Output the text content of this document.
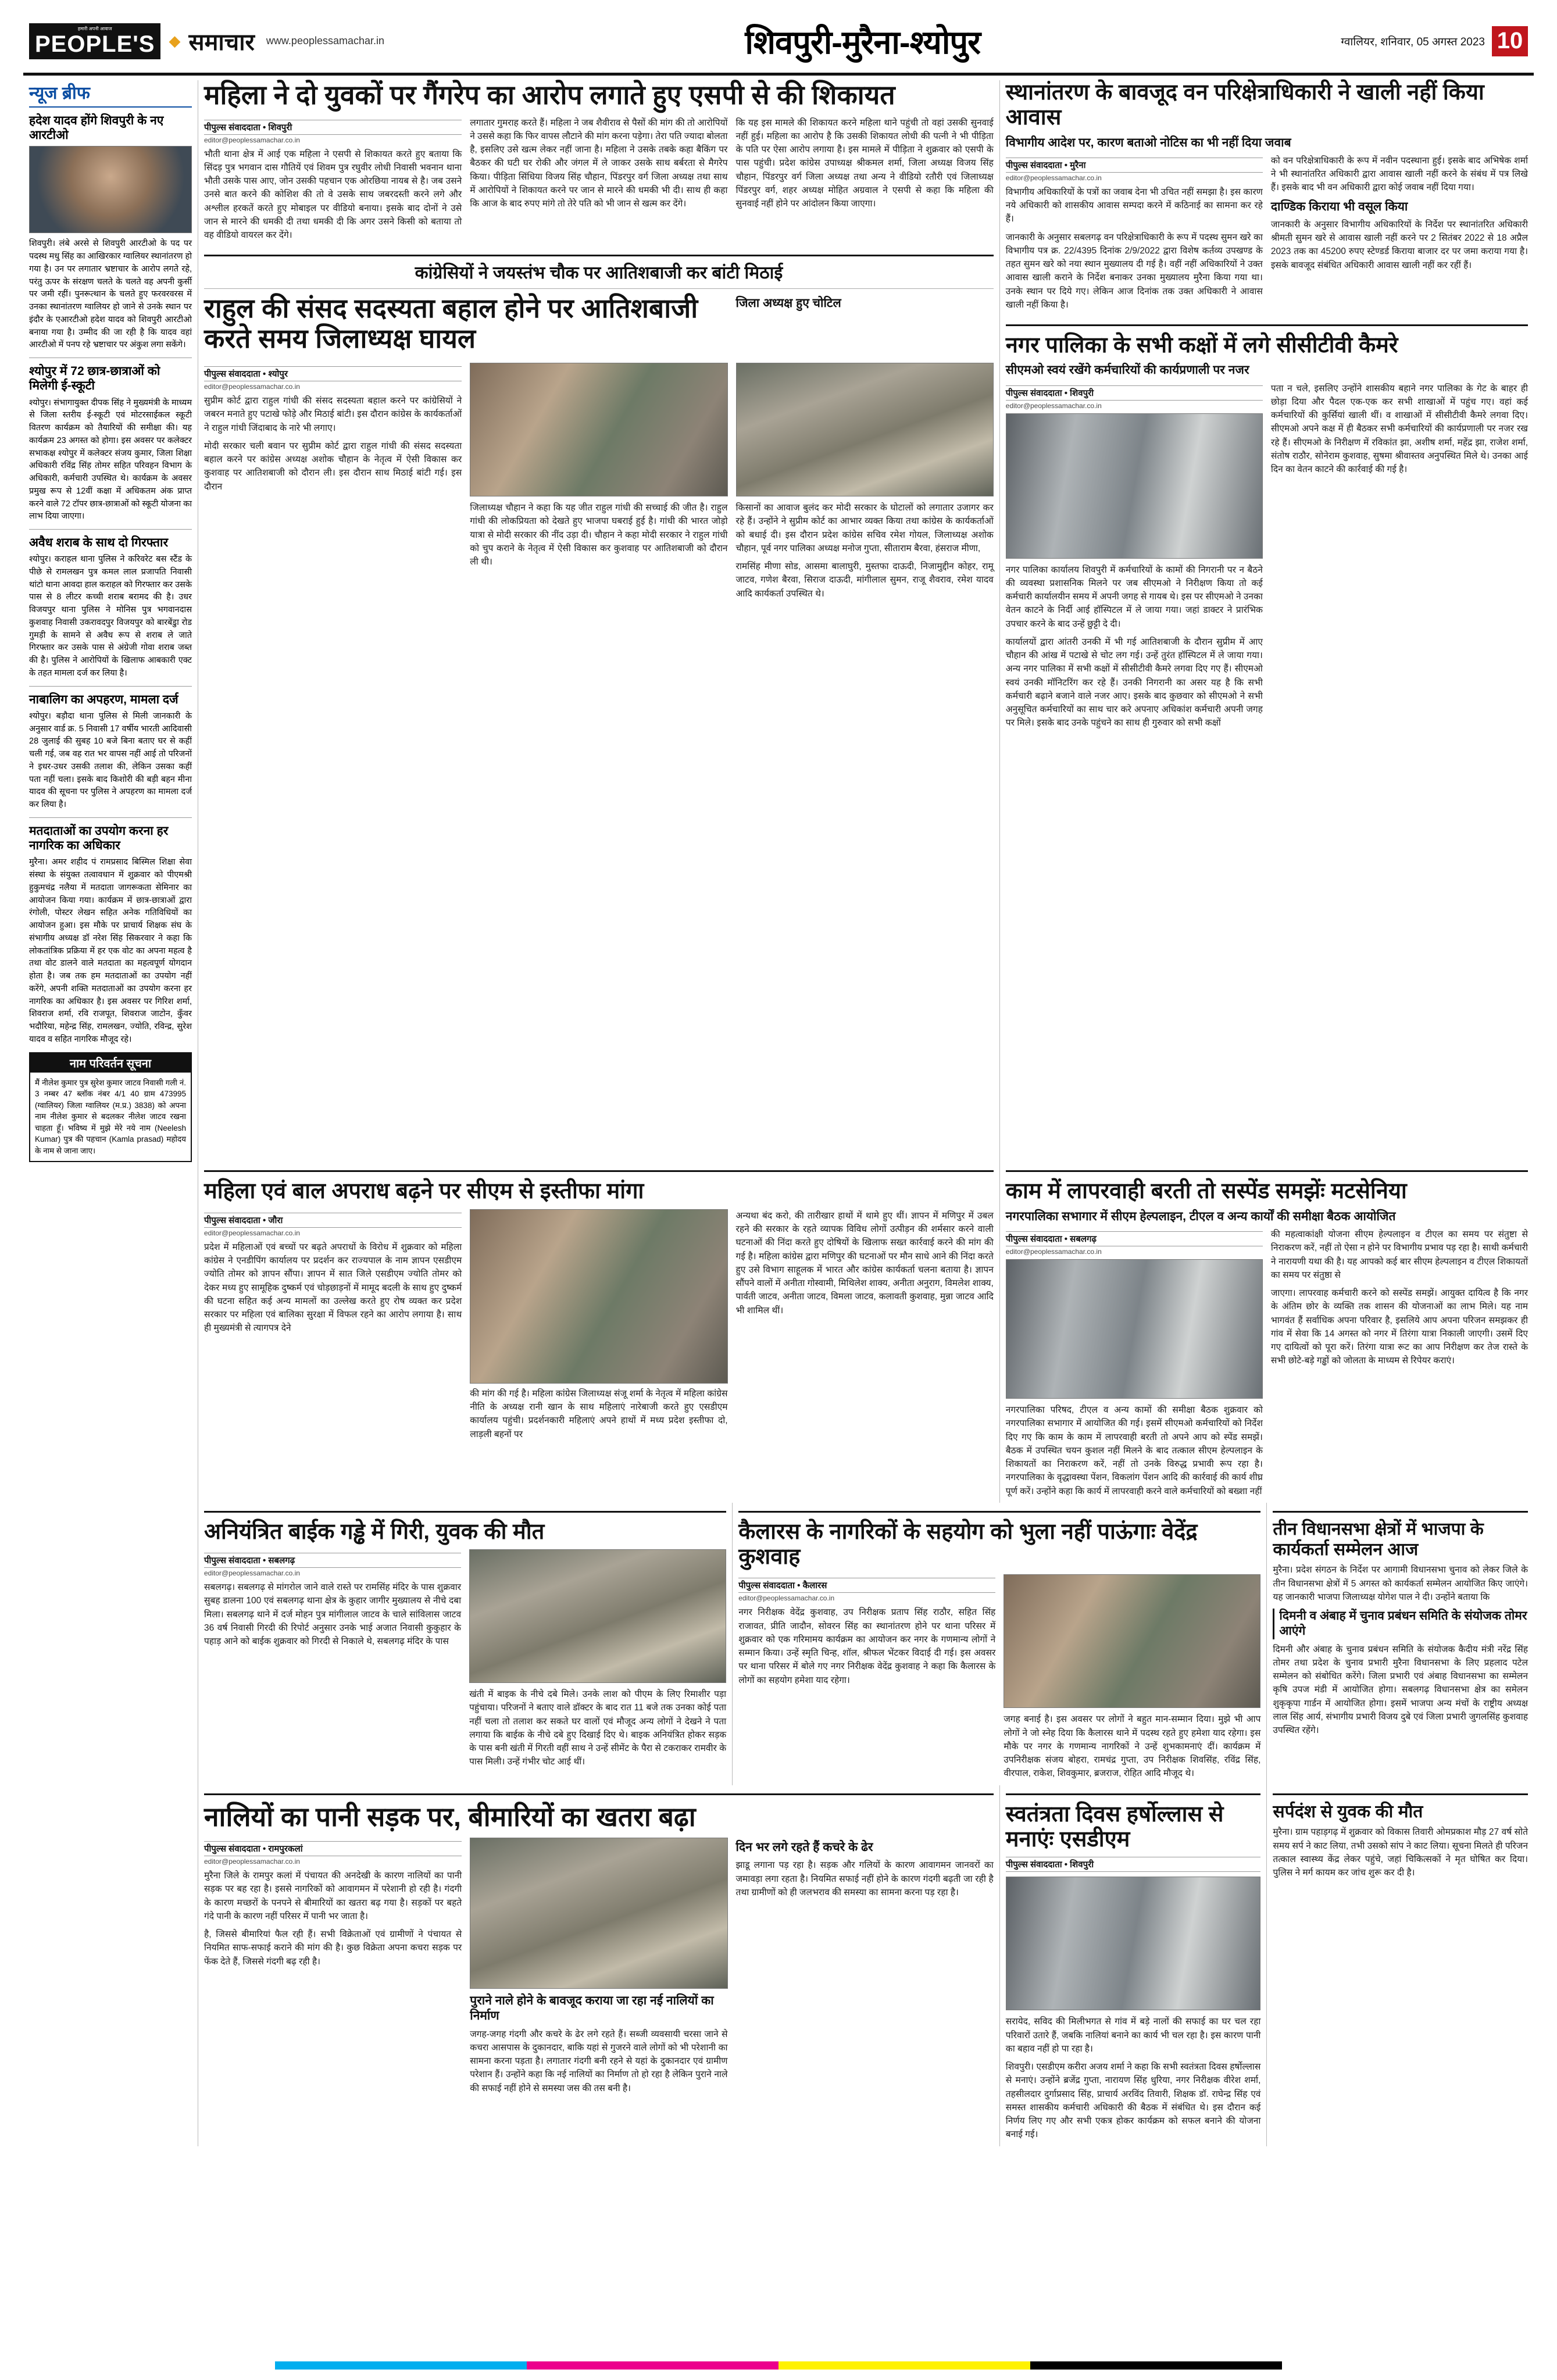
हमारी अपनी आवाज
PEOPLE'S ◆ समाचार www.peoplessamachar.in	शिवपुरी-मुरैना-श्योपुर	ग्वालियर, शनिवार, 05 अगस्त 2023 10
न्यूज ब्रीफ
हदेश यादव होंगे शिवपुरी के नए आरटीओ

शिवपुरी। लंबे अरसे से शिवपुरी आरटीओ के पद पर पदस्थ मधु सिंह का आखिरकार ग्वालियर स्थानांतरण हो गया है। उन पर लगातार भ्रष्टाचार के आरोप लगते रहे, परंतु ऊपर के संरक्षण चलते के चलते वह अपनी कुर्सी पर जमी रहीं। पुनरूत्थान के चलते हुए फरवरवरस में उनका स्थानांतरण ग्वालियर हो जाने से उनके स्थान पर इंदौर के एआरटीओ हदेश यादव को शिवपुरी आरटीओ बनाया गया है। उम्मीद की जा रही है कि यादव वहां आरटीओ में पनप रहे भ्रष्टाचार पर अंकुश लगा सकेंगे।

श्योपुर में 72 छात्र-छात्राओं को मिलेगी ई-स्कूटी

श्योपुर। संभागायुक्त दीपक सिंह ने मुख्यमंत्री के माध्यम से जिला स्तरीय ई-स्कूटी एवं मोटरसाईकल स्कूटी वितरण कार्यक्रम को तैयारियों की समीक्षा की। यह कार्यक्रम 23 अगस्त को होगा। इस अवसर पर कलेक्टर सभाकक्ष श्योपुर में कलेक्टर संजय कुमार, जिला शिक्षा अधिकारी रविंद्र सिंह तोमर सहित परिवहन विभाग के अधिकारी, कर्मचारी उपस्थित थे। कार्यक्रम के अवसर प्रमुख रूप से 12वीं कक्षा में अधिकतम अंक प्राप्त करने वाले 72 टॉपर छात्र-छात्राओं को स्कूटी योजना का लाभ दिया जाएगा।

अवैध शराब के साथ दो गिरफ्तार

श्योपुर। कराहल थाना पुलिस ने करिवरेट बस स्टैंड के पीछे से रामलखन पुत्र कमल लाल प्रजापति निवासी थांटो थाना आवदा हाल कराहल को गिरफ्तार कर उसके पास से 8 लीटर कच्ची शराब बरामद की है। उधर विजयपुर थाना पुलिस ने मोनिस पुत्र भगवानदास कुशवाह निवासी उकरावदपुर विजयपुर को बारबेंडुा रोड गुमड़ी के सामने से अवैध रूप से शराब ले जाते गिरफ्तार कर उसके पास से अंग्रेजी गोवा शराब जब्त की है। पुलिस ने आरोपियों के खिलाफ आबकारी एक्ट के तहत मामला दर्ज कर लिया है।

नाबालिग का अपहरण, मामला दर्ज

श्योपुर। बड़ौदा थाना पुलिस से मिली जानकारी के अनुसार वार्ड क्र. 5 निवासी 17 वर्षीय भारती आदिवासी 28 जुलाई की सुबह 10 बजे बिना बताए घर से कहीं चली गई, जब वह रात भर वापस नहीं आई तो परिजनों ने इधर-उधर उसकी तलाश की, लेकिन उसका कहीं पता नहीं चला। इसके बाद किशोरी की बड़ी बहन मीना यादव की सूचना पर पुलिस ने अपहरण का मामला दर्ज कर लिया है।

मतदाताओं का उपयोग करना हर नागरिक का अधिकार

मुरैना। अमर शहीद पं रामप्रसाद बिस्मिल शिक्षा सेवा संस्था के संयुक्त तत्वावधान में शुक्रवार को पीएमश्री हुकुमचंद्र नलैया में मतदाता जागरूकता सेमिनार का आयोजन किया गया। कार्यक्रम में छात्र-छात्राओं द्वारा रंगोली, पोस्टर लेखन सहित अनेक गतिविधियों का आयोजन हुआ। इस मौके पर प्राचार्य शिक्षक संघ के संभागीय अध्यक्ष डॉ नरेश सिंह सिकरवार ने कहा कि लोकतांत्रिक प्रक्रिया में हर एक वोट का अपना महत्व है तथा वोट डालने वाले मतदाता का महत्वपूर्ण योगदान होता है। जब तक हम मतदाताओं का उपयोग नहीं करेंगे, अपनी शक्ति मतदाताओं का उपयोग करना हर नागरिक का अधिकार है। इस अवसर पर गिरिश शर्मा, शिवराज शर्मा, रवि राजपूत, शिवराज जाटोन, कुँवर भदौरिया, महेन्द्र सिंह, रामलखन, ज्योति, रविन्द्र, सुरेश यादव व सहित नागरिक मौजूद रहे।

नाम परिवर्तन सूचना

मैं नीलेश कुमार पुत्र सुरेश कुमार जाटव निवासी गली नं. 3 नम्बर 47 ब्लॉक नंबर 4/1 40 ग्राम 473995 (ग्वालियर) जिला ग्वालियर (म.प्र.) 3838) को अपना नाम नीलेश कुमार से बदलकर नीलेश जाटव रखना चाहता हूँ। भविष्य में मुझे मेरे नये नाम (Neelesh Kumar) पुत्र की पहचान (Kamla prasad) महोदय के नाम से जाना जाए।

महिला ने दो युवकों पर गैंगरेप का आरोप लगाते हुए एसपी से की शिकायत
पीपुल्स संवाददाता • शिवपुरी
editor@peoplessamachar.co.in

भौती थाना क्षेत्र में आई एक महिला ने एसपी से शिकायत करते हुए बताया कि सिंदड़ पुत्र भगवान दास गौतियें एवं शिवम पुत्र रघुवीर लोधी निवासी भवनान थाना भौती उसके पास आए, जोन उसकी पहचान एक ओरछिया नायब से है। जब उसने उनसे बात करने की कोशिश की तो वे उसके साथ जबरदस्ती करने लगे और अश्लील हरकतें करते हुए मोबाइल पर वीडियो बनाया। इसके बाद दोनों ने उसे जान से मारने की धमकी दी तथा धमकी दी कि अगर उसने किसी को बताया तो वह वीडियो वायरल कर देंगे।

लगातार गुमराह करते हैं। महिला ने जब शैवीराव से पैसों की मांग की तो आरोपियों ने उससे कहा कि फिर वापस लौटाने की मांग करना पड़ेगा। तेरा पति ज्यादा बोलता है, इसलिए उसे खत्म लेकर नहीं जाना है। महिला ने उसके तबके कहा बैकिंग पर बैठकर की घटी घर रोकी और जंगल में ले जाकर उसके साथ बर्बरता से मैगरेप किया। पीड़िता सिंधिया विजय सिंह चौहान, पिंडरपुर वर्ग जिला अध्यक्ष तथा साथ में आरोपियों ने शिकायत करने पर जान से मारने की धमकी भी दी। साथ ही कहा कि आज के बाद रुपए मांगे तो तेरे पति को भी जान से खत्म कर देंगे।

कि यह इस मामले की शिकायत करने महिला थाने पहुंची तो वहां उसकी सुनवाई नहीं हुई। महिला का आरोप है कि उसकी शिकायत लोधी की पत्नी ने भी पीड़िता के पति पर ऐसा आरोप लगाया है। इस मामले में पीड़िता ने शुक्रवार को एसपी के पास पहुंची। प्रदेश कांग्रेस उपाध्यक्ष श्रीकमल शर्मा, जिला अध्यक्ष विजय सिंह चौहान, पिंडरपुर वर्ग जिला अध्यक्ष तथा अन्य ने वीडियो रतौरी एवं जिलाध्यक्ष पिंडरपुर वर्ग, शहर अध्यक्ष मोहित अग्रवाल ने एसपी से कहा कि महिला की सुनवाई नहीं होने पर आंदोलन किया जाएगा।

कांग्रेसियों ने जयस्तंभ चौक पर आतिशबाजी कर बांटी मिठाई
राहुल की संसद सदस्यता बहाल होने पर आतिशबाजी करते समय जिलाध्यक्ष घायल
जिला अध्यक्ष हुए चोटिल
पीपुल्स संवाददाता • श्योपुर
editor@peoplessamachar.co.in

सुप्रीम कोर्ट द्वारा राहुल गांधी की संसद सदस्यता बहाल करने पर कांग्रेसियों ने जबरन मनाते हुए पटाखे फोड़े और मिठाई बांटी। इस दौरान कांग्रेस के कार्यकर्ताओं ने राहुल गांधी जिंदाबाद के नारे भी लगाए।

मोदी सरकार चली बवान पर सुप्रीम कोर्ट द्वारा राहुल गांधी की संसद सदस्यता बहाल करने पर कांग्रेस अध्यक्ष अशोक चौहान के नेतृत्व में ऐसी विकास कर कुशवाह पर आतिशबाजी को दौरान ली। इस दौरान साथ मिठाई बांटी गई। इस दौरान

जिलाध्यक्ष चौहान ने कहा कि यह जीत राहुल गांधी की सच्चाई की जीत है। राहुल गांधी की लोकप्रियता को देखते हुए भाजपा घबराई हुई है। गांधी की भारत जोड़ो यात्रा से मोदी सरकार की नींद उड़ा दी। चौहान ने कहा मोदी सरकार ने राहुल गांधी को चुप कराने के नेतृत्व में ऐसी विकास कर कुशवाह पर आतिशबाजी को दौरान ली थी।

किसानों का आवाज बुलंद कर मोदी सरकार के घोटालों को लगातार उजागर कर रहे हैं। उन्होंने ने सुप्रीम कोर्ट का आभार व्यक्त किया तथा कांग्रेस के कार्यकर्ताओं को बधाई दी। इस दौरान प्रदेश कांग्रेस सचिव रमेश गोयल, जिलाध्यक्ष अशोक चौहान, पूर्व नगर पालिका अध्यक्ष मनोज गुप्ता, सीताराम बैरवा, हंसराज मीणा,

रामसिंह मीणा सोड, आसमा बालाघुरी, मुस्तफा दाऊदी, निजामुद्दीन कोहर, रामू जाटव, गणेश बैरवा, सिराज दाऊदी, मांगीलाल सुमन, राजू शैवराव, रमेश यादव आदि कार्यकर्ता उपस्थित थे।

स्थानांतरण के बावजूद वन परिक्षेत्राधिकारी ने खाली नहीं किया आवास
विभागीय आदेश पर, कारण बताओ नोटिस का भी नहीं दिया जवाब
पीपुल्स संवाददाता • मुरैना
editor@peoplessamachar.co.in

विभागीय अधिकारियों के पत्रों का जवाब देना भी उचित नहीं समझा है। इस कारण नये अधिकारी को शासकीय आवास सम्पदा करने में कठिनाई का सामना कर रहे हैं।

जानकारी के अनुसार सबलगढ़ वन परिक्षेत्राधिकारी के रूप में पदस्थ सुमन खरे का विभागीय पत्र क्र. 22/4395 दिनांक 2/9/2022 द्वारा विशेष कर्तव्य उपखण्ड के तहत सुमन खरे को नया स्थान मुख्यालय दी गई है। वहीं नहीं अधिकारियों ने उक्त आवास खाली कराने के निर्देश बनाकर उनका मुख्यालय मुरैना किया गया था। उनके स्थान पर दिये गए। लेकिन आज दिनांक तक उक्त अधिकारी ने आवास खाली नहीं किया है।

को वन परिक्षेत्राधिकारी के रूप में नवीन पदस्थाना हुई। इसके बाद अभिषेक शर्मा ने भी स्थानांतरित अधिकारी द्वारा आवास खाली नहीं करने के संबंध में पत्र लिखे हैं। इसके बाद भी वन अधिकारी द्वारा कोई जवाब नहीं दिया गया।

दाण्डिक किराया भी वसूल किया

जानकारी के अनुसार विभागीय अधिकारियों के निर्देश पर स्थानांतरित अधिकारी श्रीमती सुमन खरे से आवास खाली नहीं करने पर 2 सितंबर 2022 से 18 अप्रैल 2023 तक का 45200 रुपए स्टेण्डर्ड किराया बाजार दर पर जमा कराया गया है। इसके बावजूद संबंधित अधिकारी आवास खाली नहीं कर रहीं हैं।

नगर पालिका के सभी कक्षों में लगे सीसीटीवी कैमरे
सीएमओ स्वयं रखेंगे कर्मचारियों की कार्यप्रणाली पर नजर
पीपुल्स संवाददाता • शिवपुरी
editor@peoplessamachar.co.in

नगर पालिका कार्यालय शिवपुरी में कर्मचारियों के कामों की निगरानी पर न बैठने की व्यवस्था प्रशासनिक मिलने पर जब सीएमओ ने निरीक्षण किया तो कई कर्मचारी कार्यालयीन समय में अपनी जगह से गायब थे। इस पर सीएमओ ने उनका वेतन काटने के निर्दी आई हॉस्पिटल में ले जाया गया। जहां डाक्टर ने प्रारंभिक उपचार करने के बाद उन्हें छुट्टी दे दी।

कार्यालयों द्वारा आंतरी उनकी में भी गई आतिशबाजी के दौरान सुप्रीम में आए चौहान की आंख में पटाखे से चोट लग गई। उन्हें तुरंत हॉस्पिटल में ले जाया गया। अन्य नगर पालिका में सभी कक्षों में सीसीटीवी कैमरे लगवा दिए गए हैं। सीएमओ स्वयं उनकी मॉनिटरिंग कर रहे हैं। उनकी निगरानी का असर यह है कि सभी कर्मचारी बढ़ाने बजाने वाले नजर आए। इसके बाद कुछवार को सीएमओ ने सभी अनुसूचित कर्मचारियों का साथ चार करे अपनाए अधिकांश कर्मचारी अपनी जगह पर मिले। इसके बाद उनके पहुंचने का साथ ही गुरुवार को सभी कक्षों

पता न चले, इसलिए उन्होंने शासकीय बहाने नगर पालिका के गेट के बाहर ही छोड़ा दिया और पैदल एक-एक कर सभी शाखाओं में पहुंच गए। वहां कई कर्मचारियों की कुर्सियां खाली थीं। व शाखाओं में सीसीटीवी कैमरे लगवा दिए। सीएमओ अपने कक्ष में ही बैठकर सभी कर्मचारियों की कार्यप्रणाली पर नजर रख रहे हैं। सीएमओ के निरीक्षण में रविकांत झा, अशीष शर्मा, महेंद्र झा, राजेश शर्मा, संतोष राठौर, सोनेराम कुशवाह, सुषमा श्रीवास्तव अनुपस्थित मिले थे। उनका आई दिन का वेतन काटने की कार्रवाई की गई है।

महिला एवं बाल अपराध बढ़ने पर सीएम से इस्तीफा मांगा
पीपुल्स संवाददाता • जौरा
editor@peoplessamachar.co.in

प्रदेश में महिलाओं एवं बच्चों पर बढ़ते अपराधों के विरोध में शुक्रवार को महिला कांग्रेस ने एनडीपिंग कार्यालय पर प्रदर्शन कर राज्यपाल के नाम ज्ञापन एसडीएम ज्योति तोमर को ज्ञापन सौंपा। ज्ञापन में सात जिले एसडीएम ज्योति तोमर को देकर मध्य हुए सामूहिक दुष्कर्म एवं चोड़छाड़नों में मामूद बदली के साथ हुए दुष्कर्म की घटना सहित कई अन्य मामलों का उल्लेख करते हुए रोष व्यक्त कर प्रदेश सरकार पर महिला एवं बालिका सुरक्षा में विफल रहने का आरोप लगाया है। साथ ही मुख्यमंत्री से त्यागपत्र देने

की मांग की गई है। महिला कांग्रेस जिलाध्यक्ष संजू शर्मा के नेतृत्व में महिला कांग्रेस नीति के अध्यक्ष रानी खान के साथ महिलाएं नारेबाजी करते हुए एसडीएम कार्यालय पहुंची। प्रदर्शनकारी महिलाएं अपने हाथों में मध्य प्रदेश इस्तीफा दो, लाड़ली बहनों पर

अन्यथा बंद करो, की तारीखार हाथों में थामे हुए थीं। ज्ञापन में मणिपुर में उबल रहने की सरकार के रहते व्यापक विविध लोगों उत्पीड़न की शर्मसार करने वाली घटनाओं की निंदा करते हुए दोषियों के खिलाफ सख्त कार्रवाई करने की मांग की गई है। महिला कांग्रेस द्वारा मणिपुर की घटनाओं पर मौन साधे आने की निंदा करते हुए उसे विभाग साहूलक में भारत और कांग्रेस कार्यकर्ता चलना बताया है। ज्ञापन सौंपने वालों में अनीता गोस्वामी, मिथिलेश शाक्य, अनीता अनुराग, विमलेश शाक्य, पार्वती जाटव, अनीता जाटव, विमला जाटव, कलावती कुशवाह, मुन्ना जाटव आदि भी शामिल थीं।

काम में लापरवाही बरती तो सस्पेंड समझेंः मटसेनिया
नगरपालिका सभागार में सीएम हेल्पलाइन, टीएल व अन्य कार्यों की समीक्षा बैठक आयोजित
पीपुल्स संवाददाता • सबलगढ़
editor@peoplessamachar.co.in

नगरपालिका परिषद, टीएल व अन्य कामों की समीक्षा बैठक शुक्रवार को नगरपालिका सभागार में आयोजित की गई। इसमें सीएमओ कर्मचारियों को निर्देश दिए गए कि काम के काम में लापरवाही बरती तो अपने आप को स्पेंड समझें। बैठक में उपस्थित चयन कुशल नहीं मिलने के बाद तत्काल सीएम हेल्पलाइन के शिकायतों का निराकरण करें, नहीं तो उनके विरुद्ध प्रभावी रूप रहा है। नगरपालिका के वृद्धावस्था पेंशन, विकलांग पेंशन आदि की कार्रवाई की कार्य शीघ्र पूर्ण करें। उन्होंने कहा कि कार्य में लापरवाही करने वाले कर्मचारियों को बख्शा नहीं

की महत्वाकांक्षी योजना सीएम हेल्पलाइन व टीएल का समय पर संतुष्टा से निराकरण करें, नहीं तो ऐसा न होने पर विभागीय प्रभाव पड़ रहा है। साथी कर्मचारी ने नारायणी यथा की है। यह आपको कई बार सीएम हेल्पलाइन व टीएल शिकायतों का समय पर संतुष्ठा से

जाएगा। लापरवाह कर्मचारी करने को सस्पेंड समझें। आयुक्त दायित्व है कि नगर के अंतिम छोर के व्यक्ति तक शासन की योजनाओं का लाभ मिले। यह नाम भागवंत हैं सर्वाधिक अपना परिवार है, इसलिये आप अपना परिजन समझकर ही गांव में सेवा कि 14 अगस्त को नगर में तिरंगा यात्रा निकाली जाएगी। उसमें दिए गए दायित्वों को पूरा करें। तिरंगा यात्रा रूट का आप निरीक्षण कर तेज रास्ते के सभी छोटे-बड़े गड्ढों को जोलता के माध्यम से रिपेयर कराएं।

अनियंत्रित बाईक गड्ढे में गिरी, युवक की मौत
पीपुल्स संवाददाता • सबलगढ़
editor@peoplessamachar.co.in

सबलगढ़। सबलगढ़ से मांगरोल जाने वाले रास्ते पर रामसिंह मंदिर के पास शुक्रवार सुबह डालना 100 एवं सबलगढ़ थाना क्षेत्र के कुहार जागीर मुख्यालय से नीचे दबा मिला। सबलगढ़ थाने में दर्ज मोहन पुत्र मांगीलाल जाटव के चाले सांविलास जाटव 36 वर्ष निवासी गिरदी की रिपोर्ट अनुसार उनके भाई अजात निवासी कुकुहार के पहाड़ आने को बाईक शुक्रवार को गिरदी से निकाले थे, सबलगढ़ मंदिर के पास

खंती में बाइक के नीचे दबे मिले। उनके लाश को पीएम के लिए रिमाशीर पड़ा पहुंचाया। परिजनों ने बताए वाले डॉक्टर के बाद रात 11 बजे तक उनका कोई पता नहीं चला तो तलाश कर सकते घर वालों एवं मौजूद अन्य लोगों ने देखने ने पता लगाया कि बाईक के नीचे दबे हुए दिखाई दिए थे। बाइक अनियंत्रित होकर सड़क के पास बनी खंती में गिरती वहीं साथ ने उन्हें सीमेंट के पैरा से टकराकर रामवीर के पास मिली। उन्हें गंभीर चोट आई थीं।

कैलारस के नागरिकों के सहयोग को भुला नहीं पाऊंगाः वेदेंद्र कुशवाह
पीपुल्स संवाददाता • कैलारस
editor@peoplessamachar.co.in

नगर निरीक्षक वेदेंद्र कुशवाह, उप निरीक्षक प्रताप सिंह राठौर, सहित सिंह राजावत, प्रीति जादौन, सोवरन सिंह का स्थानांतरण होने पर थाना परिसर में शुक्रवार को एक गरिमामय कार्यक्रम का आयोजन कर नगर के गणमान्य लोगों ने सम्मान किया। उन्हें स्मृति चिन्ह, शॉल, श्रीफल भेंटकर विदाई दी गई। इस अवसर पर थाना परिसर में बोले गए नगर निरीक्षक वेदेंद्र कुशवाह ने कहा कि कैलारस के लोगों का सहयोग हमेशा याद रहेगा।

जगह बनाई है। इस अवसर पर लोगों ने बहुत मान-सम्मान दिया। मुझे भी आप लोगों ने जो स्नेह दिया कि कैलारस थाने में पदस्थ रहते हुए हमेशा याद रहेगा। इस मौके पर नगर के गणमान्य नागरिकों ने उन्हें शुभकामनाएं दीं। कार्यक्रम में उपनिरीक्षक संजय बोहरा, रामचंद्र गुप्ता, उप निरीक्षक शिवसिंह, रविंद्र सिंह, वीरपाल, राकेश, शिवकुमार, ब्रजराज, रोहित आदि मौजूद थे।

तीन विधानसभा क्षेत्रों में भाजपा के कार्यकर्ता सम्मेलन आज

मुरैना। प्रदेश संगठन के निर्देश पर आगामी विधानसभा चुनाव को लेकर जिले के तीन विधानसभा क्षेत्रों में 5 अगस्त को कार्यकर्ता सम्मेलन आयोजित किए जाएंगे। यह जानकारी भाजपा जिलाध्यक्ष योगेश पाल ने दी। उन्होंने बताया कि

दिमनी व अंबाह में चुनाव प्रबंधन समिति के संयोजक तोमर आएंगे

दिमनी और अंबाह के चुनाव प्रबंधन समिति के संयोजक कैदीय मंत्री नरेंद्र सिंह तोमर तथा प्रदेश के चुनाव प्रभारी मुरैना विधानसभा के लिए प्रहलाद पटेल सम्मेलन को संबोधित करेंगे। जिला प्रभारी एवं अंबाह विधानसभा का सम्मेलन कृषि उपज मंडी में आयोजित होगा। सबलगढ़ विधानसभा क्षेत्र का समेलन शुकृकृपा गार्डन में आयोजित होगा। इसमें भाजपा अन्य मंचों के राष्ट्रीय अध्यक्ष लाल सिंह आर्य, संभागीय प्रभारी विजय दुबे एवं जिला प्रभारी जुगलसिंह कुशवाह उपस्थित रहेंगे।

नालियों का पानी सड़क पर, बीमारियों का खतरा बढ़ा
पीपुल्स संवाददाता • रामपुरकलां
editor@peoplessamachar.co.in

मुरैना जिले के रामपुर कलां में पंचायत की अनदेखी के कारण नालियों का पानी सड़क पर बह रहा है। इससे नागरिकों को आवागमन में परेशानी हो रही है। गंदगी के कारण मच्छरों के पनपने से बीमारियों का खतरा बढ़ गया है। सड़कों पर बहते गंदे पानी के कारण नहीं परिसर में पानी भर जाता है।

है, जिससे बीमारियां फैल रही हैं। सभी विक्रेताओं एवं ग्रामीणों ने पंचायत से नियमित साफ-सफाई कराने की मांग की है। कुछ विक्रेता अपना कचरा सड़क पर फेंक देते हैं, जिससे गंदगी बढ़ रही है।

पुराने नाले होने के बावजूद कराया जा रहा नई नालियों का निर्माण

जगह-जगह गंदगी और कचरे के ढेर लगे रहते हैं। सब्जी व्यवसायी चरसा जाने से कचरा आसपास के दुकानदार, बाकि यहां से गुजरने वाले लोगों को भी परेशानी का सामना करना पड़ता है। लगातार गंदगी बनी रहने से यहां के दुकानदार एवं ग्रामीण परेशान हैं। उन्होंने कहा कि नई नालियों का निर्माण तो हो रहा है लेकिन पुराने नाले की सफाई नहीं होने से समस्या जस की तस बनी है।

दिन भर लगे रहते हैं कचरे के ढेर

झाडू लगाना पड़ रहा है। सड़क और गलियों के कारण आवागमन जानवरों का जमावड़ा लगा रहता है। नियमित सफाई नहीं होने के कारण गंदगी बढ़ती जा रही है तथा ग्रामीणों को ही जलभराव की समस्या का सामना करना पड़ रहा है।

स्वतंत्रता दिवस हर्षोल्लास से मनाएंः एसडीएम
पीपुल्स संवाददाता • शिवपुरी

सरायेद, सविद की मिलीभगत से गांव में बड़े नालों की सफाई का घर चल रहा परिवारों उतारे हैं, जबकि नालियां बनाने का कार्य भी चल रहा है। इस कारण पानी का बहाव नहीं हो पा रहा है।

शिवपुरी। एसडीएम करीरा अजय शर्मा ने कहा कि सभी स्वतंत्रता दिवस हर्षोल्लास से मनाएं। उन्होंने ब्रजेंद्र गुप्ता, नारायण सिंह धुरिया, नगर निरीक्षक वीरेश शर्मा, तहसीलदार दुर्गाप्रसाद सिंह, प्राचार्य अरविंद तिवारी, शिक्षक डॉ. राघेन्द्र सिंह एवं समस्त शासकीय कर्मचारी अधिकारी की बैठक में संबंधित थे। इस दौरान कई निर्णय लिए गए और सभी एकत्र होकर कार्यक्रम को सफल बनाने की योजना बनाई गई।

सर्पदंश से युवक की मौत

मुरैना। ग्राम पहाड़गढ़ में शुक्रवार को विकास तिवारी ओमप्रकाश मौड़ 27 वर्ष सोते समय सर्प ने काट लिया, तभी उसको सांप ने काट लिया। सूचना मिलते ही परिजन तत्काल स्वास्थ्य केंद्र लेकर पहुंचे, जहां चिकित्सकों ने मृत घोषित कर दिया। पुलिस ने मर्ग कायम कर जांच शुरू कर दी है।
